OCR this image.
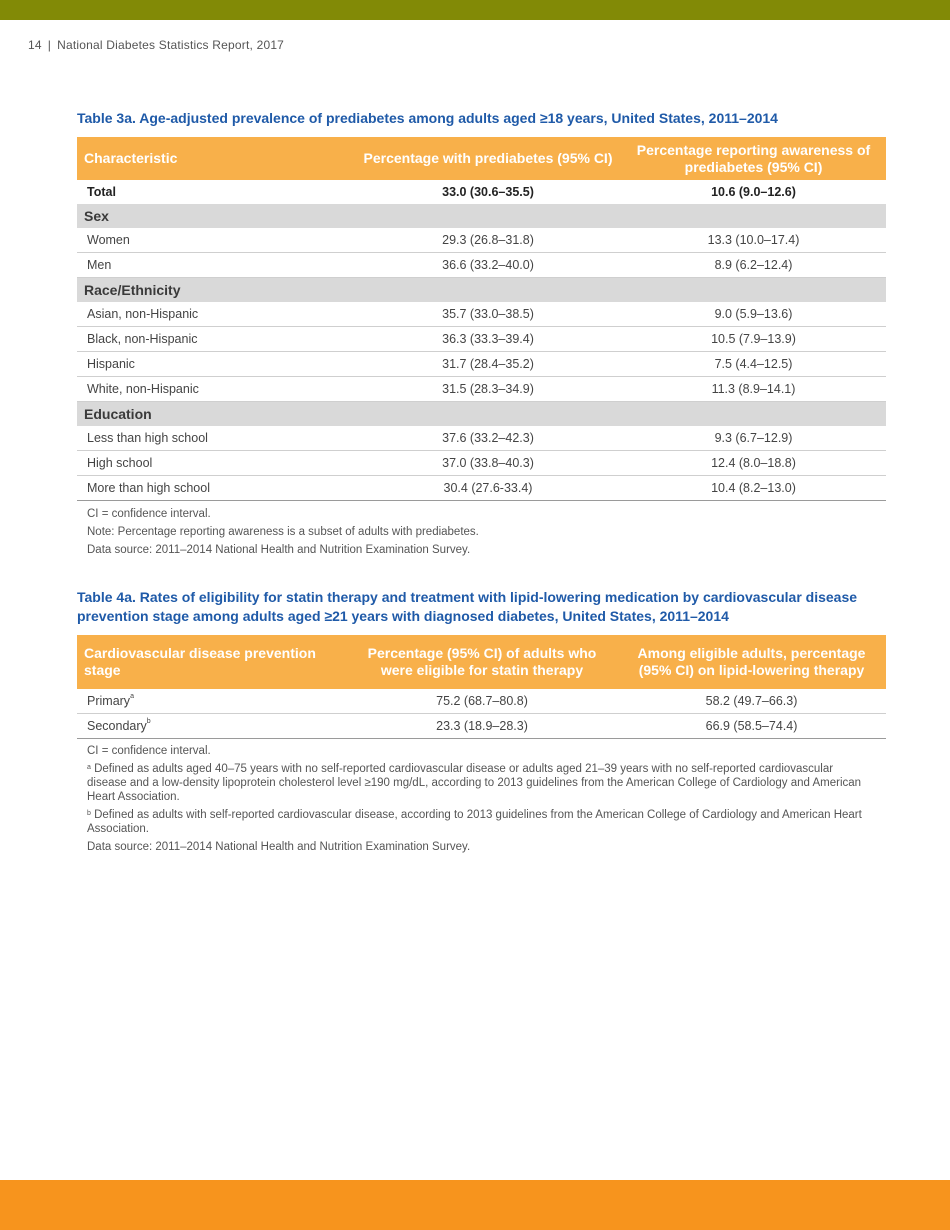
14 | National Diabetes Statistics Report, 2017
Table 3a. Age-adjusted prevalence of prediabetes among adults aged ≥18 years, United States, 2011–2014
Characteristic	Percentage with prediabetes (95% CI)	Percentage reporting awareness of prediabetes (95% CI)
Total	33.0 (30.6–35.5)	10.6 (9.0–12.6)
Sex		
Women	29.3 (26.8–31.8)	13.3 (10.0–17.4)
Men	36.6 (33.2–40.0)	8.9 (6.2–12.4)
Race/Ethnicity		
Asian, non-Hispanic	35.7 (33.0–38.5)	9.0 (5.9–13.6)
Black, non-Hispanic	36.3 (33.3–39.4)	10.5 (7.9–13.9)
Hispanic	31.7 (28.4–35.2)	7.5 (4.4–12.5)
White, non-Hispanic	31.5 (28.3–34.9)	11.3 (8.9–14.1)
Education		
Less than high school	37.6 (33.2–42.3)	9.3 (6.7–12.9)
High school	37.0 (33.8–40.3)	12.4 (8.0–18.8)
More than high school	30.4 (27.6-33.4)	10.4 (8.2–13.0)
CI = confidence interval.
Note: Percentage reporting awareness is a subset of adults with prediabetes.
Data source: 2011–2014 National Health and Nutrition Examination Survey.
Table 4a. Rates of eligibility for statin therapy and treatment with lipid-lowering medication by cardiovascular disease prevention stage among adults aged ≥21 years with diagnosed diabetes, United States, 2011–2014
Cardiovascular disease prevention stage	Percentage (95% CI) of adults who were eligible for statin therapy	Among eligible adults, percentage (95% CI) on lipid-lowering therapy
Primary$^a$	75.2 (68.7–80.8)	58.2 (49.7–66.3)
Secondary$^b$	23.3 (18.9–28.3)	66.9 (58.5–74.4)
CI = confidence interval.
$^a$ Defined as adults aged 40–75 years with no self-reported cardiovascular disease or adults aged 21–39 years with no self-reported cardiovascular disease and a low-density lipoprotein cholesterol level ≥190 mg/dL, according to 2013 guidelines from the American College of Cardiology and American Heart Association.
$^b$ Defined as adults with self-reported cardiovascular disease, according to 2013 guidelines from the American College of Cardiology and American Heart Association.
Data source: 2011–2014 National Health and Nutrition Examination Survey.
